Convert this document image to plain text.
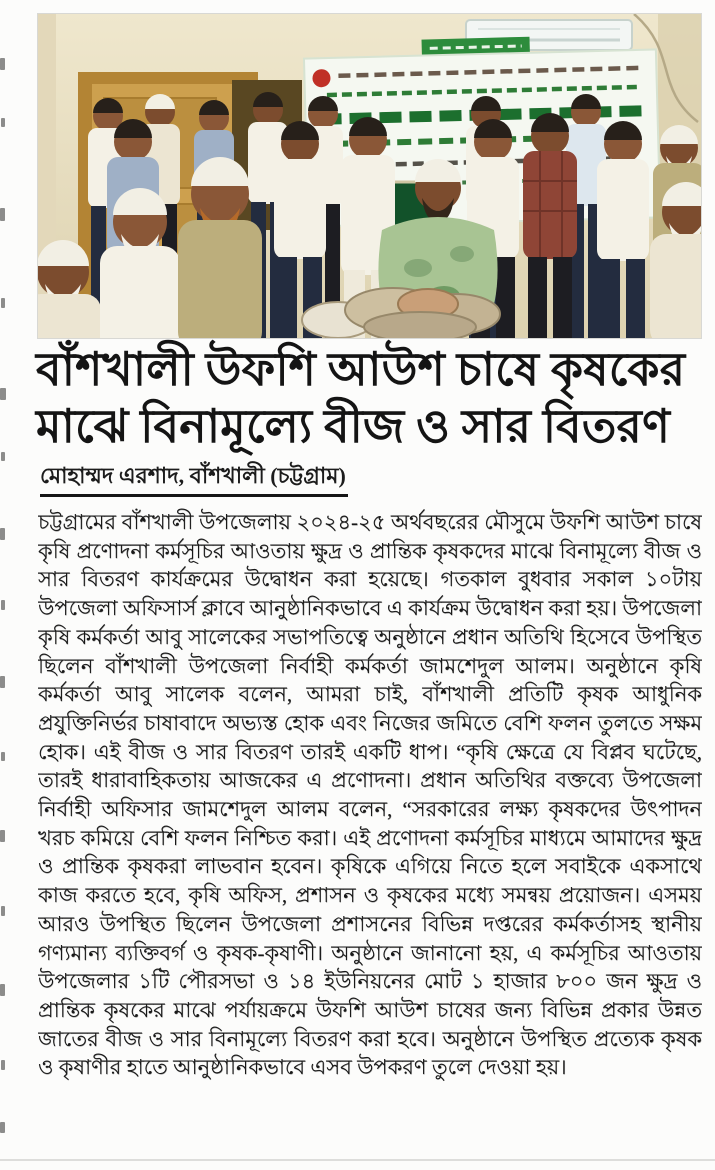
বাঁশখালী উফশি আউশ চাষে কৃষকের
মাঝে বিনামূল্যে বীজ ও সার বিতরণ
মোহাম্মদ এরশাদ, বাঁশখালী (চট্টগ্রাম)

চট্টগ্রামের বাঁশখালী উপজেলায় ২০২৪-২৫ অর্থবছরের মৌসুমে উফশি আউশ চাষে কৃষি প্রণোদনা কর্মসূচির আওতায় ক্ষুদ্র ও প্রান্তিক কৃষকদের মাঝে বিনামূল্যে বীজ ও সার বিতরণ কার্যক্রমের উদ্বোধন করা হয়েছে। গতকাল বুধবার সকাল ১০টায় উপজেলা অফিসার্স ক্লাবে আনুষ্ঠানিকভাবে এ কার্যক্রম উদ্বোধন করা হয়। উপজেলা কৃষি কর্মকর্তা আবু সালেকের সভাপতিত্বে অনুষ্ঠানে প্রধান অতিথি হিসেবে উপস্থিত ছিলেন বাঁশখালী উপজেলা নির্বাহী কর্মকর্তা জামশেদুল আলম। অনুষ্ঠানে কৃষি কর্মকর্তা আবু সালেক বলেন, আমরা চাই, বাঁশখালী প্রতিটি কৃষক আধুনিক প্রযুক্তিনির্ভর চাষাবাদে অভ্যস্ত হোক এবং নিজের জমিতে বেশি ফলন তুলতে সক্ষম হোক। এই বীজ ও সার বিতরণ তারই একটি ধাপ। “কৃষি ক্ষেত্রে যে বিপ্লব ঘটেছে, তারই ধারাবাহিকতায় আজকের এ প্রণোদনা। প্রধান অতিথির বক্তব্যে উপজেলা নির্বাহী অফিসার জামশেদুল আলম বলেন, “সরকারের লক্ষ্য কৃষকদের উৎপাদন খরচ কমিয়ে বেশি ফলন নিশ্চিত করা। এই প্রণোদনা কর্মসূচির মাধ্যমে আমাদের ক্ষুদ্র ও প্রান্তিক কৃষকরা লাভবান হবেন। কৃষিকে এগিয়ে নিতে হলে সবাইকে একসাথে কাজ করতে হবে, কৃষি অফিস, প্রশাসন ও কৃষকের মধ্যে সমন্বয় প্রয়োজন। এসময় আরও উপস্থিত ছিলেন উপজেলা প্রশাসনের বিভিন্ন দপ্তরের কর্মকর্তাসহ স্থানীয় গণ্যমান্য ব্যক্তিবর্গ ও কৃষক-কৃষাণী। অনুষ্ঠানে জানানো হয়, এ কর্মসূচির আওতায় উপজেলার ১টি পৌরসভা ও ১৪ ইউনিয়নের মোট ১ হাজার ৮০০ জন ক্ষুদ্র ও প্রান্তিক কৃষকের মাঝে পর্যায়ক্রমে উফশি আউশ চাষের জন্য বিভিন্ন প্রকার উন্নত জাতের বীজ ও সার বিনামূল্যে বিতরণ করা হবে। অনুষ্ঠানে উপস্থিত প্রত্যেক কৃষক ও কৃষাণীর হাতে আনুষ্ঠানিকভাবে এসব উপকরণ তুলে দেওয়া হয়।
